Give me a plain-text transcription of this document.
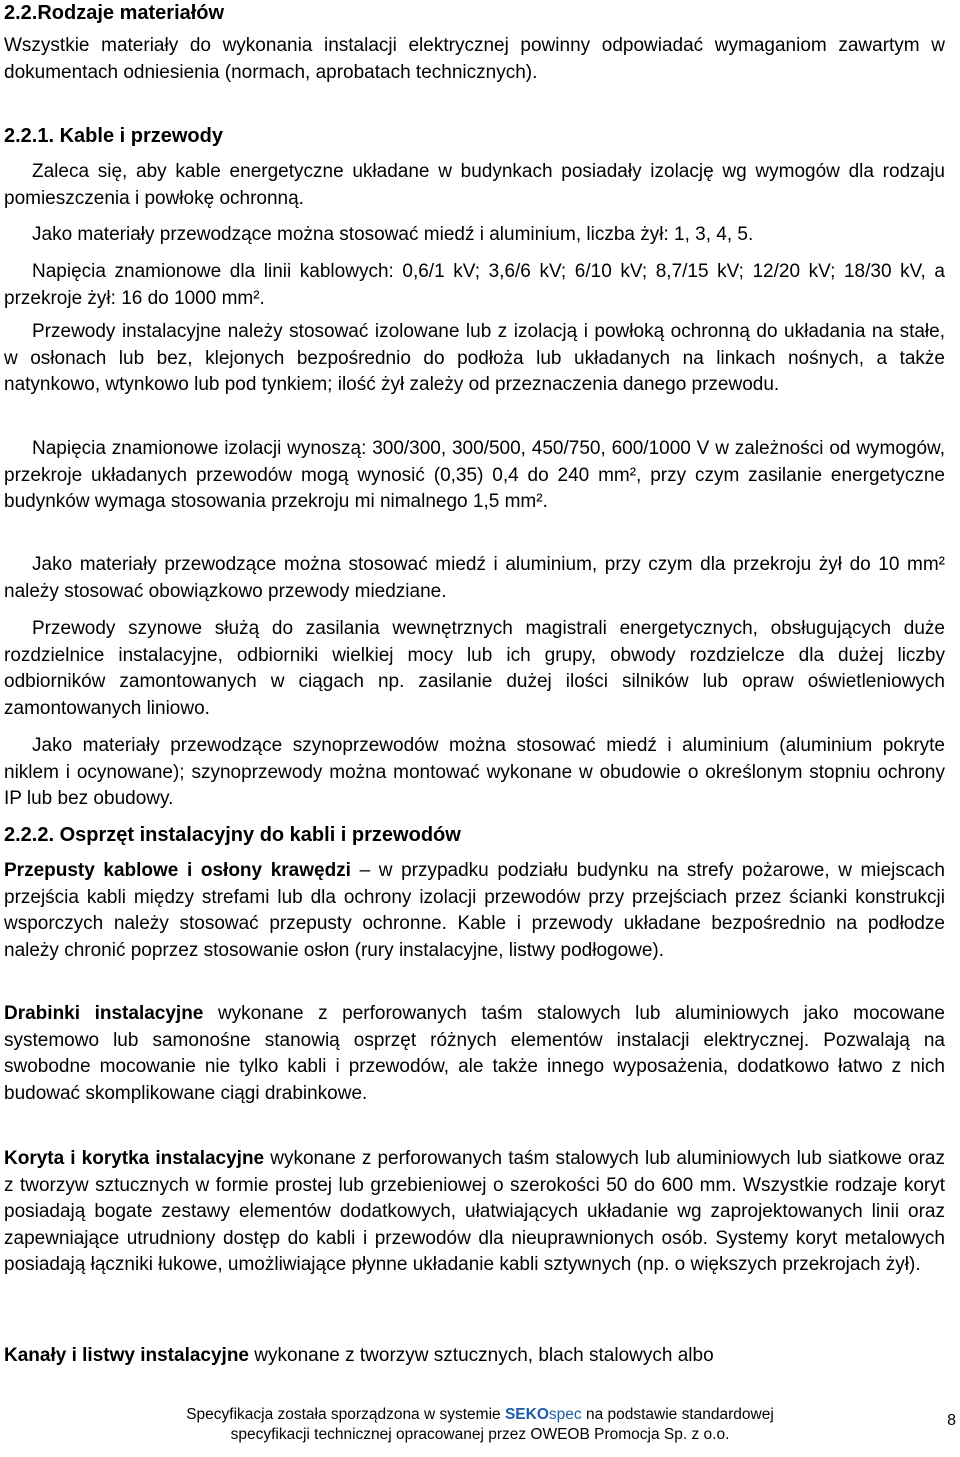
2.2.Rodzaje materiałów
Wszystkie materiały do wykonania instalacji elektrycznej powinny odpowiadać wymaganiom zawartym w dokumentach odniesienia (normach, aprobatach technicznych).
2.2.1. Kable i przewody
Zaleca się, aby kable energetyczne układane w budynkach posiadały izolację wg wymogów dla rodzaju pomieszczenia i powłokę ochronną.
Jako materiały przewodzące można stosować miedź i aluminium, liczba żył: 1, 3, 4, 5.
Napięcia znamionowe dla linii kablowych: 0,6/1 kV; 3,6/6 kV; 6/10 kV; 8,7/15 kV; 12/20 kV; 18/30 kV, a przekroje żył: 16 do 1000 mm².
Przewody instalacyjne należy stosować izolowane lub z izolacją i powłoką ochronną do układania na stałe, w osłonach lub bez, klejonych bezpośrednio do podłoża lub układanych na linkach nośnych, a także natynkowo, wtynkowo lub pod tynkiem; ilość żył zależy od przeznaczenia danego przewodu.
Napięcia znamionowe izolacji wynoszą: 300/300, 300/500, 450/750, 600/1000 V w zależności od wymogów, przekroje układanych przewodów mogą wynosić (0,35) 0,4 do 240 mm², przy czym zasilanie energetyczne budynków wymaga stosowania przekroju mi nimalnego 1,5 mm².
Jako materiały przewodzące można stosować miedź i aluminium, przy czym dla przekroju żył do 10 mm² należy stosować obowiązkowo przewody miedziane.
Przewody szynowe służą do zasilania wewnętrznych magistrali energetycznych, obsługujących duże rozdzielnice instalacyjne, odbiorniki wielkiej mocy lub ich grupy, obwody rozdzielcze dla dużej liczby odbiorników zamontowanych w ciągach np. zasilanie dużej ilości silników lub opraw oświetleniowych zamontowanych liniowo.
Jako materiały przewodzące szynoprzewodów można stosować miedź i aluminium (aluminium pokryte niklem i ocynowane); szynoprzewody można montować wykonane w obudowie o określonym stopniu ochrony IP lub bez obudowy.
2.2.2. Osprzęt instalacyjny do kabli i przewodów
Przepusty kablowe i osłony krawędzi – w przypadku podziału budynku na strefy pożarowe, w miejscach przejścia kabli między strefami lub dla ochrony izolacji przewodów przy przejściach przez ścianki konstrukcji wsporczych należy stosować przepusty ochronne. Kable i przewody układane bezpośrednio na podłodze należy chronić poprzez stosowanie osłon (rury instalacyjne, listwy podłogowe).
Drabinki instalacyjne wykonane z perforowanych taśm stalowych lub aluminiowych jako mocowane systemowo lub samonośne stanowią osprzęt różnych elementów instalacji elektrycznej. Pozwalają na swobodne mocowanie nie tylko kabli i przewodów, ale także innego wyposażenia, dodatkowo łatwo z nich budować skomplikowane ciągi drabinkowe.
Koryta i korytka instalacyjne wykonane z perforowanych taśm stalowych lub aluminiowych lub siatkowe oraz z tworzyw sztucznych w formie prostej lub grzebieniowej o szerokości 50 do 600 mm. Wszystkie rodzaje koryt posiadają bogate zestawy elementów dodatkowych, ułatwiających układanie wg zaprojektowanych linii oraz zapewniające utrudniony dostęp do kabli i przewodów dla nieuprawnionych osób. Systemy koryt metalowych posiadają łączniki łukowe, umożliwiające płynne układanie kabli sztywnych (np. o większych przekrojach żył).
Kanały i listwy instalacyjne wykonane z tworzyw sztucznych, blach stalowych albo
Specyfikacja została sporządzona w systemie SEKOspec na podstawie standardowej
specyfikacji technicznej opracowanej przez OWEOB Promocja Sp. z o.o.
8
